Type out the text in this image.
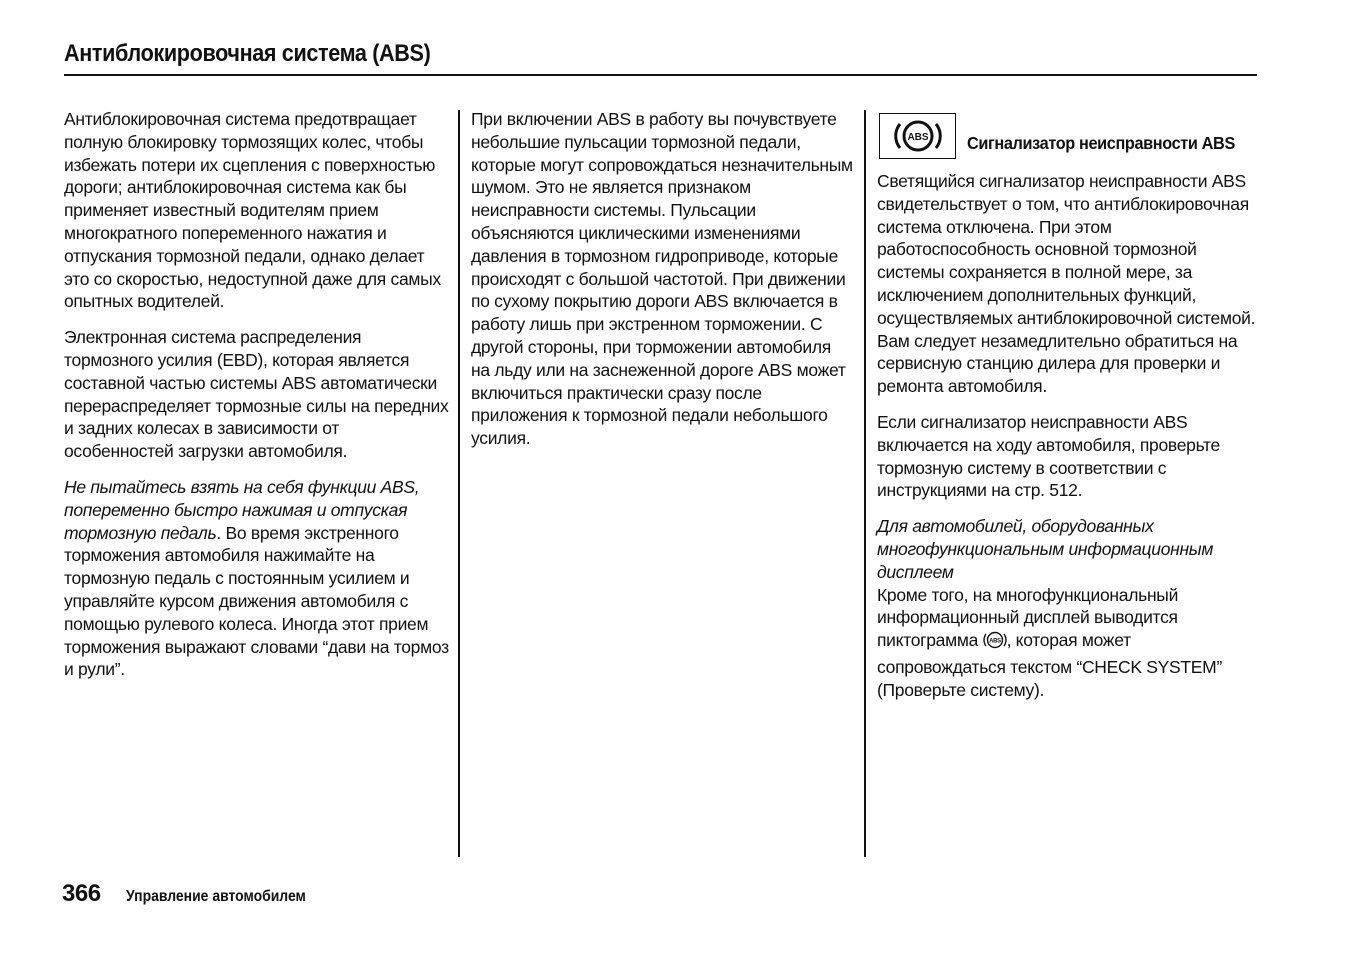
Антиблокировочная система (ABS)

Антиблокировочная система предотвращает полную блокировку тормозящих колес, чтобы избежать потери их сцепления с поверхностью дороги; антиблокировочная система как бы применяет известный водителям прием многократного попеременного нажатия и отпускания тормозной педали, однако делает это со скоростью, недоступной даже для самых опытных водителей.

Электронная система распределения тормозного усилия (EBD), которая является составной частью системы ABS автоматически перераспределяет тормозные силы на передних и задних колесах в зависимости от особенностей загрузки автомобиля.

Не пытайтесь взять на себя функции ABS, попеременно быстро нажимая и отпуская тормозную педаль. Во время экстренного торможения автомобиля нажимайте на тормозную педаль с постоянным усилием и управляйте курсом движения автомобиля с помощью рулевого колеса. Иногда этот прием торможения выражают словами “дави на тормоз и рули”.

При включении ABS в работу вы почувствуете небольшие пульсации тормозной педали, которые могут сопровождаться незначительным шумом. Это не является признаком неисправности системы. Пульсации объясняются циклическими изменениями давления в тормозном гидроприводе, которые происходят с большой частотой. При движении по сухому покрытию дороги ABS включается в работу лишь при экстренном торможении. С другой стороны, при торможении автомобиля на льду или на заснеженной дороге ABS может включиться практически сразу после приложения к тормозной педали небольшого усилия.

ABS Сигнализатор неисправности ABS

Светящийся сигнализатор неисправности ABS свидетельствует о том, что антиблокировочная система отключена. При этом работоспособность основной тормозной системы сохраняется в полной мере, за исключением дополнительных функций, осуществляемых антиблокировочной системой. Вам следует незамедлительно обратиться на сервисную станцию дилера для проверки и ремонта автомобиля.

Если сигнализатор неисправности ABS включается на ходу автомобиля, проверьте тормозную систему в соответствии с инструкциями на стр. 512.

Для автомобилей, оборудованных многофункциональным информационным дисплеем
Кроме того, на многофункциональный информационный дисплей выводится пиктограмма ABS , которая может сопровождаться текстом “CHECK SYSTEM” (Проверьте систему).

366 Управление автомобилем
